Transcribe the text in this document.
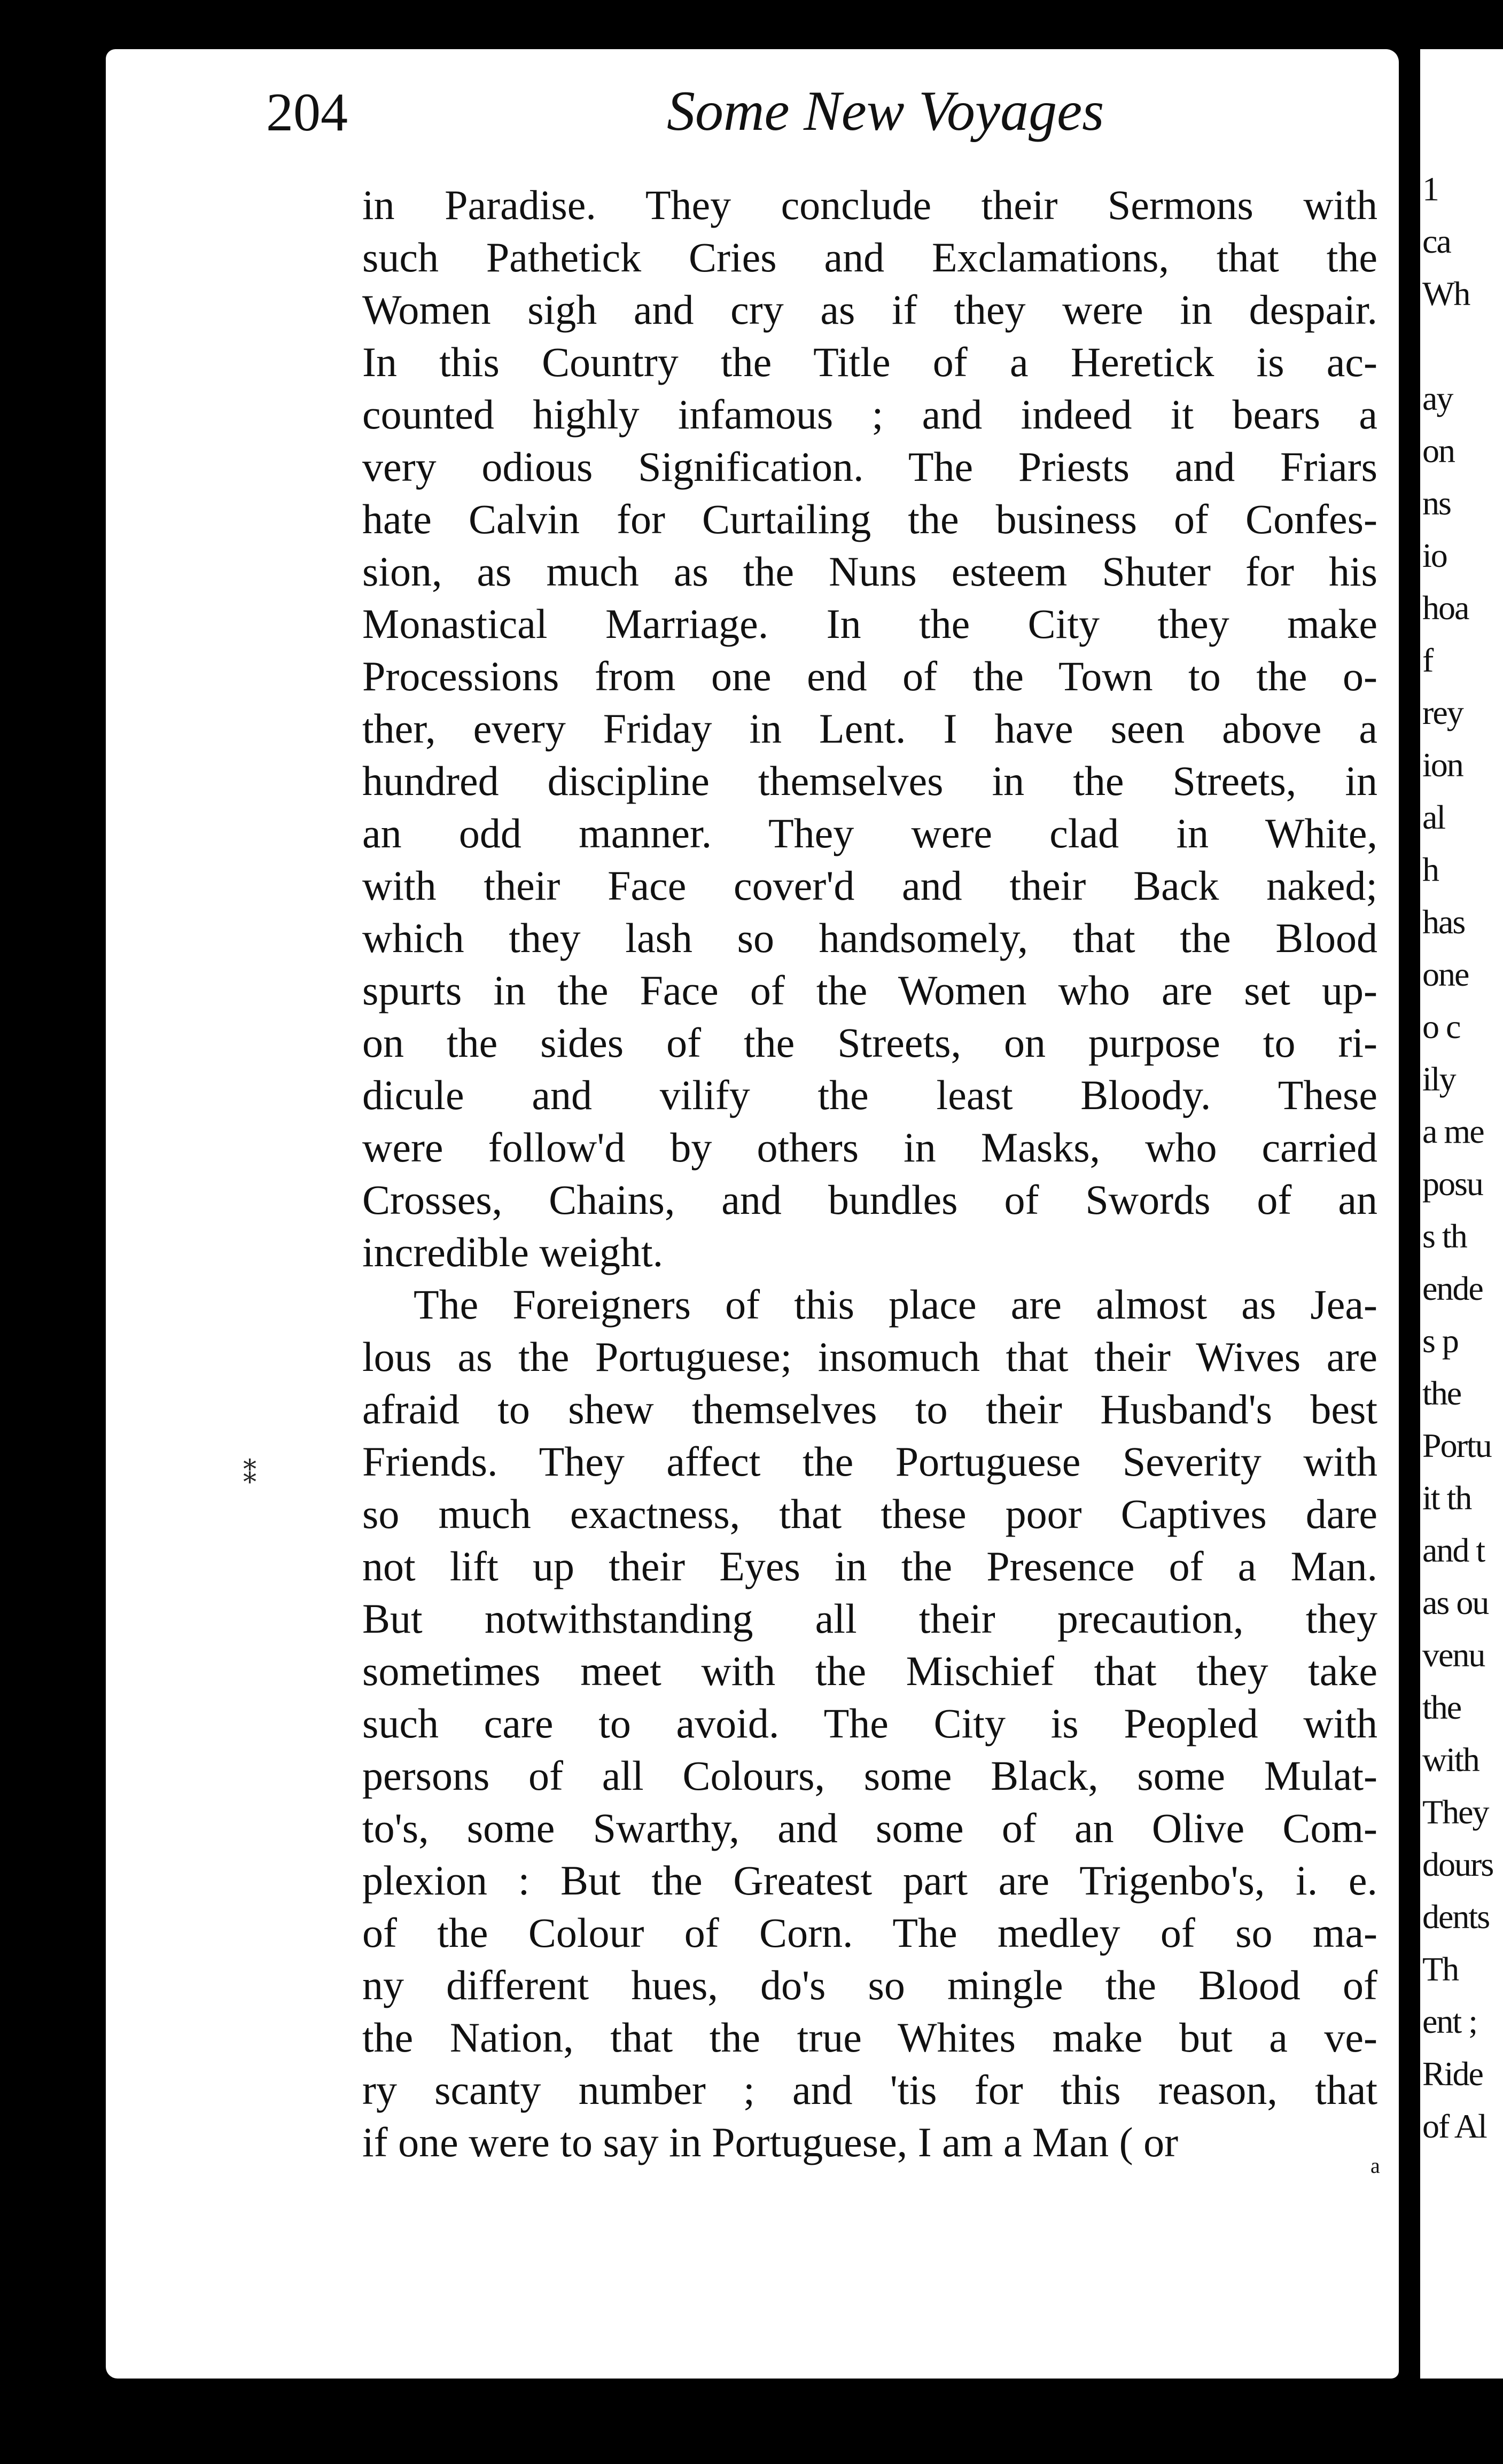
1
ca
Wh
ay
on
ns
io
hoa
f
rey
ion
al
h
has
one
o c
ily
a me
posu
s th
ende
s p
the
Portu
it th
and t
as ou
venu
the
with
They
dours
dents
Th
ent ;
Ride
of Al
204	Some New Voyages
in Paradise. They conclude their Sermons with
such Pathetick Cries and Exclamations, that the
Women sigh and cry as if they were in despair.
In this Country the Title of a Heretick is ac-
counted highly infamous ; and indeed it bears a
very odious Signification. The Priests and Friars
hate Calvin for Curtailing the business of Confes-
sion, as much as the Nuns esteem Shuter for his
Monastical Marriage. In the City they make
Processions from one end of the Town to the o-
ther, every Friday in Lent. I have seen above a
hundred discipline themselves in the Streets, in
an odd manner. They were clad in White,
with their Face cover'd and their Back naked;
which they lash so handsomely, that the Blood
spurts in the Face of the Women who are set up-
on the sides of the Streets, on purpose to ri-
dicule and vilify the least Bloody. These
were follow'd by others in Masks, who carried
Crosses, Chains, and bundles of Swords of an
incredible weight.
The Foreigners of this place are almost as Jea-
lous as the Portuguese; insomuch that their Wives are
afraid to shew themselves to their Husband's best
Friends. They affect the Portuguese Severity with
so much exactness, that these poor Captives dare
not lift up their Eyes in the Presence of a Man.
But notwithstanding all their precaution, they
sometimes meet with the Mischief that they take
such care to avoid. The City is Peopled with
persons of all Colours, some Black, some Mulat-
to's, some Swarthy, and some of an Olive Com-
plexion : But the Greatest part are Trigenbo's, i. e.
of the Colour of Corn. The medley of so ma-
ny different hues, do's so mingle the Blood of
the Nation, that the true Whites make but a ve-
ry scanty number ; and 'tis for this reason, that
if one were to say in Portuguese, I am a Man ( or
⁑
a
